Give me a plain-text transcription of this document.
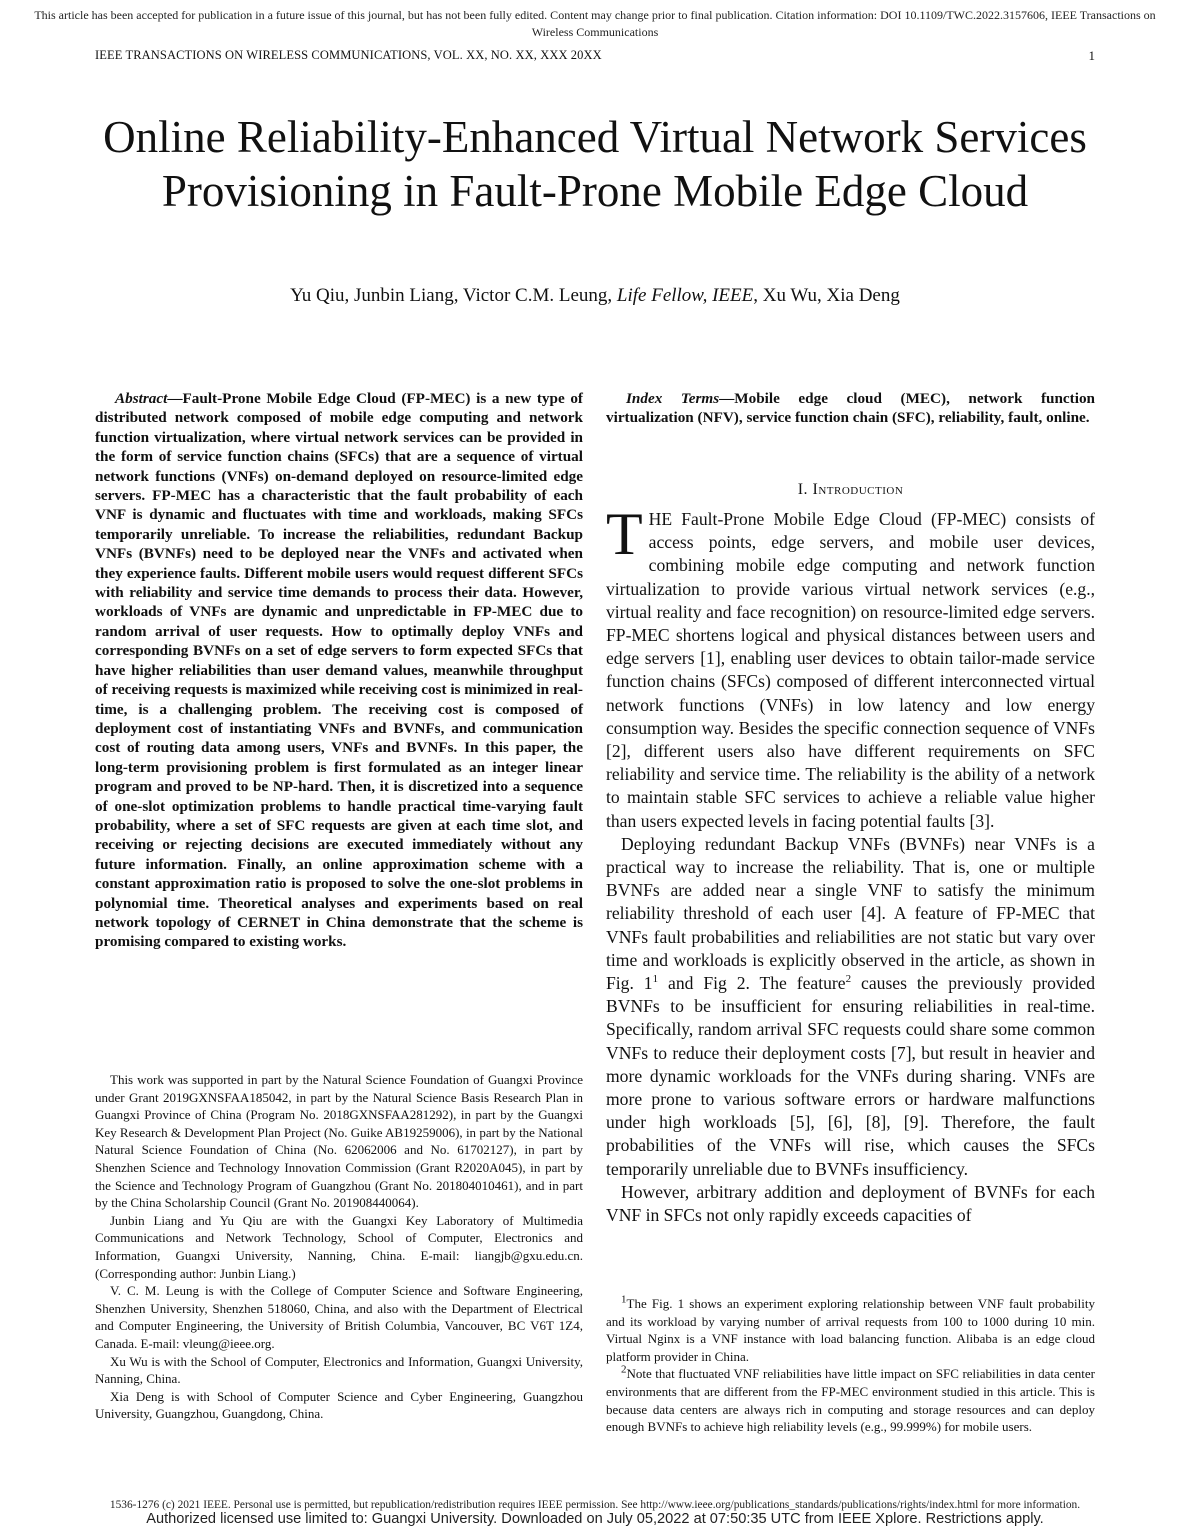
This article has been accepted for publication in a future issue of this journal, but has not been fully edited. Content may change prior to final publication. Citation information: DOI 10.1109/TWC.2022.3157606, IEEE Transactions on Wireless Communications
IEEE TRANSACTIONS ON WIRELESS COMMUNICATIONS, VOL. XX, NO. XX, XXX 20XX	1
Online Reliability-Enhanced Virtual Network Services Provisioning in Fault-Prone Mobile Edge Cloud
Yu Qiu, Junbin Liang, Victor C.M. Leung, Life Fellow, IEEE, Xu Wu, Xia Deng

Abstract—Fault-Prone Mobile Edge Cloud (FP-MEC) is a new type of distributed network composed of mobile edge computing and network function virtualization, where virtual network services can be provided in the form of service function chains (SFCs) that are a sequence of virtual network functions (VNFs) on-demand deployed on resource-limited edge servers. FP-MEC has a characteristic that the fault probability of each VNF is dynamic and fluctuates with time and workloads, making SFCs temporarily unreliable. To increase the reliabilities, redundant Backup VNFs (BVNFs) need to be deployed near the VNFs and activated when they experience faults. Different mobile users would request different SFCs with reliability and service time demands to process their data. However, workloads of VNFs are dynamic and unpredictable in FP-MEC due to random arrival of user requests. How to optimally deploy VNFs and corresponding BVNFs on a set of edge servers to form expected SFCs that have higher reliabilities than user demand values, meanwhile throughput of receiving requests is maximized while receiving cost is minimized in real-time, is a challenging problem. The receiving cost is composed of deployment cost of instantiating VNFs and BVNFs, and communication cost of routing data among users, VNFs and BVNFs. In this paper, the long-term provisioning problem is first formulated as an integer linear program and proved to be NP-hard. Then, it is discretized into a sequence of one-slot optimization problems to handle practical time-varying fault probability, where a set of SFC requests are given at each time slot, and receiving or rejecting decisions are executed immediately without any future information. Finally, an online approximation scheme with a constant approximation ratio is proposed to solve the one-slot problems in polynomial time. Theoretical analyses and experiments based on real network topology of CERNET in China demonstrate that the scheme is promising compared to existing works.

This work was supported in part by the Natural Science Foundation of Guangxi Province under Grant 2019GXNSFAA185042, in part by the Natural Science Basis Research Plan in Guangxi Province of China (Program No. 2018GXNSFAA281292), in part by the Guangxi Key Research & Development Plan Project (No. Guike AB19259006), in part by the National Natural Science Foundation of China (No. 62062006 and No. 61702127), in part by Shenzhen Science and Technology Innovation Commission (Grant R2020A045), in part by the Science and Technology Program of Guangzhou (Grant No. 201804010461), and in part by the China Scholarship Council (Grant No. 201908440064).

Junbin Liang and Yu Qiu are with the Guangxi Key Laboratory of Multimedia Communications and Network Technology, School of Computer, Electronics and Information, Guangxi University, Nanning, China. E-mail: liangjb@gxu.edu.cn. (Corresponding author: Junbin Liang.)

V. C. M. Leung is with the College of Computer Science and Software Engineering, Shenzhen University, Shenzhen 518060, China, and also with the Department of Electrical and Computer Engineering, the University of British Columbia, Vancouver, BC V6T 1Z4, Canada. E-mail: vleung@ieee.org.

Xu Wu is with the School of Computer, Electronics and Information, Guangxi University, Nanning, China.

Xia Deng is with School of Computer Science and Cyber Engineering, Guangzhou University, Guangzhou, Guangdong, China.

Index Terms—Mobile edge cloud (MEC), network function virtualization (NFV), service function chain (SFC), reliability, fault, online.

I. Introduction

THE Fault-Prone Mobile Edge Cloud (FP-MEC) consists of access points, edge servers, and mobile user devices, combining mobile edge computing and network function virtualization to provide various virtual network services (e.g., virtual reality and face recognition) on resource-limited edge servers. FP-MEC shortens logical and physical distances between users and edge servers [1], enabling user devices to obtain tailor-made service function chains (SFCs) composed of different interconnected virtual network functions (VNFs) in low latency and low energy consumption way. Besides the specific connection sequence of VNFs [2], different users also have different requirements on SFC reliability and service time. The reliability is the ability of a network to maintain stable SFC services to achieve a reliable value higher than users expected levels in facing potential faults [3].

Deploying redundant Backup VNFs (BVNFs) near VNFs is a practical way to increase the reliability. That is, one or multiple BVNFs are added near a single VNF to satisfy the minimum reliability threshold of each user [4]. A feature of FP-MEC that VNFs fault probabilities and reliabilities are not static but vary over time and workloads is explicitly observed in the article, as shown in Fig. $1^1$ and Fig 2. The feature$^2$ causes the previously provided BVNFs to be insufficient for ensuring reliabilities in real-time. Specifically, random arrival SFC requests could share some common VNFs to reduce their deployment costs [7], but result in heavier and more dynamic workloads for the VNFs during sharing. VNFs are more prone to various software errors or hardware malfunctions under high workloads [5], [6], [8], [9]. Therefore, the fault probabilities of the VNFs will rise, which causes the SFCs temporarily unreliable due to BVNFs insufficiency.

However, arbitrary addition and deployment of BVNFs for each VNF in SFCs not only rapidly exceeds capacities of

$^1$The Fig. 1 shows an experiment exploring relationship between VNF fault probability and its workload by varying number of arrival requests from 100 to 1000 during 10 min. Virtual Nginx is a VNF instance with load balancing function. Alibaba is an edge cloud platform provider in China.

$^2$Note that fluctuated VNF reliabilities have little impact on SFC reliabilities in data center environments that are different from the FP-MEC environment studied in this article. This is because data centers are always rich in computing and storage resources and can deploy enough BVNFs to achieve high reliability levels (e.g., 99.999%) for mobile users.

1536-1276 (c) 2021 IEEE. Personal use is permitted, but republication/redistribution requires IEEE permission. See http://www.ieee.org/publications_standards/publications/rights/index.html for more information.
Authorized licensed use limited to: Guangxi University. Downloaded on July 05,2022 at 07:50:35 UTC from IEEE Xplore. Restrictions apply.
